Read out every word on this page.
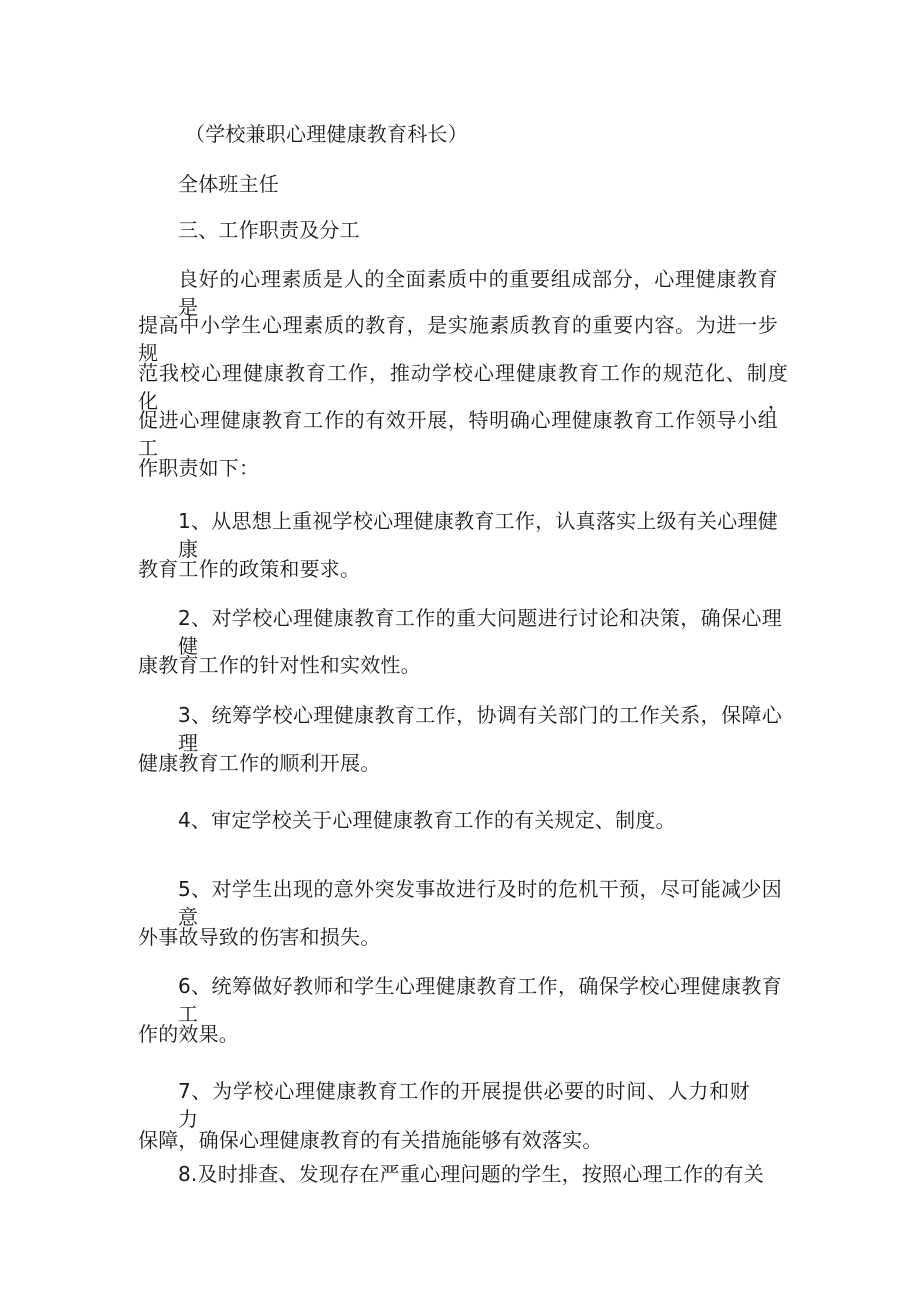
（学校兼职心理健康教育科长）
全体班主任
三、工作职责及分工
良好的心理素质是人的全面素质中的重要组成部分，心理健康教育是
提高中小学生心理素质的教育，是实施素质教育的重要内容。为进一步规
范我校心理健康教育工作，推动学校心理健康教育工作的规范化、制度化，
促进心理健康教育工作的有效开展，特明确心理健康教育工作领导小组工
作职责如下：
1、从思想上重视学校心理健康教育工作，认真落实上级有关心理健康
教育工作的政策和要求。
2、对学校心理健康教育工作的重大问题进行讨论和决策，确保心理健
康教育工作的针对性和实效性。
3、统筹学校心理健康教育工作，协调有关部门的工作关系，保障心理
健康教育工作的顺利开展。
4、审定学校关于心理健康教育工作的有关规定、制度。
5、对学生出现的意外突发事故进行及时的危机干预，尽可能减少因意
外事故导致的伤害和损失。
6、统筹做好教师和学生心理健康教育工作，确保学校心理健康教育工
作的效果。
7、为学校心理健康教育工作的开展提供必要的时间、人力和财力
保障，确保心理健康教育的有关措施能够有效落实。
8.及时排查、发现存在严重心理问题的学生，按照心理工作的有关
